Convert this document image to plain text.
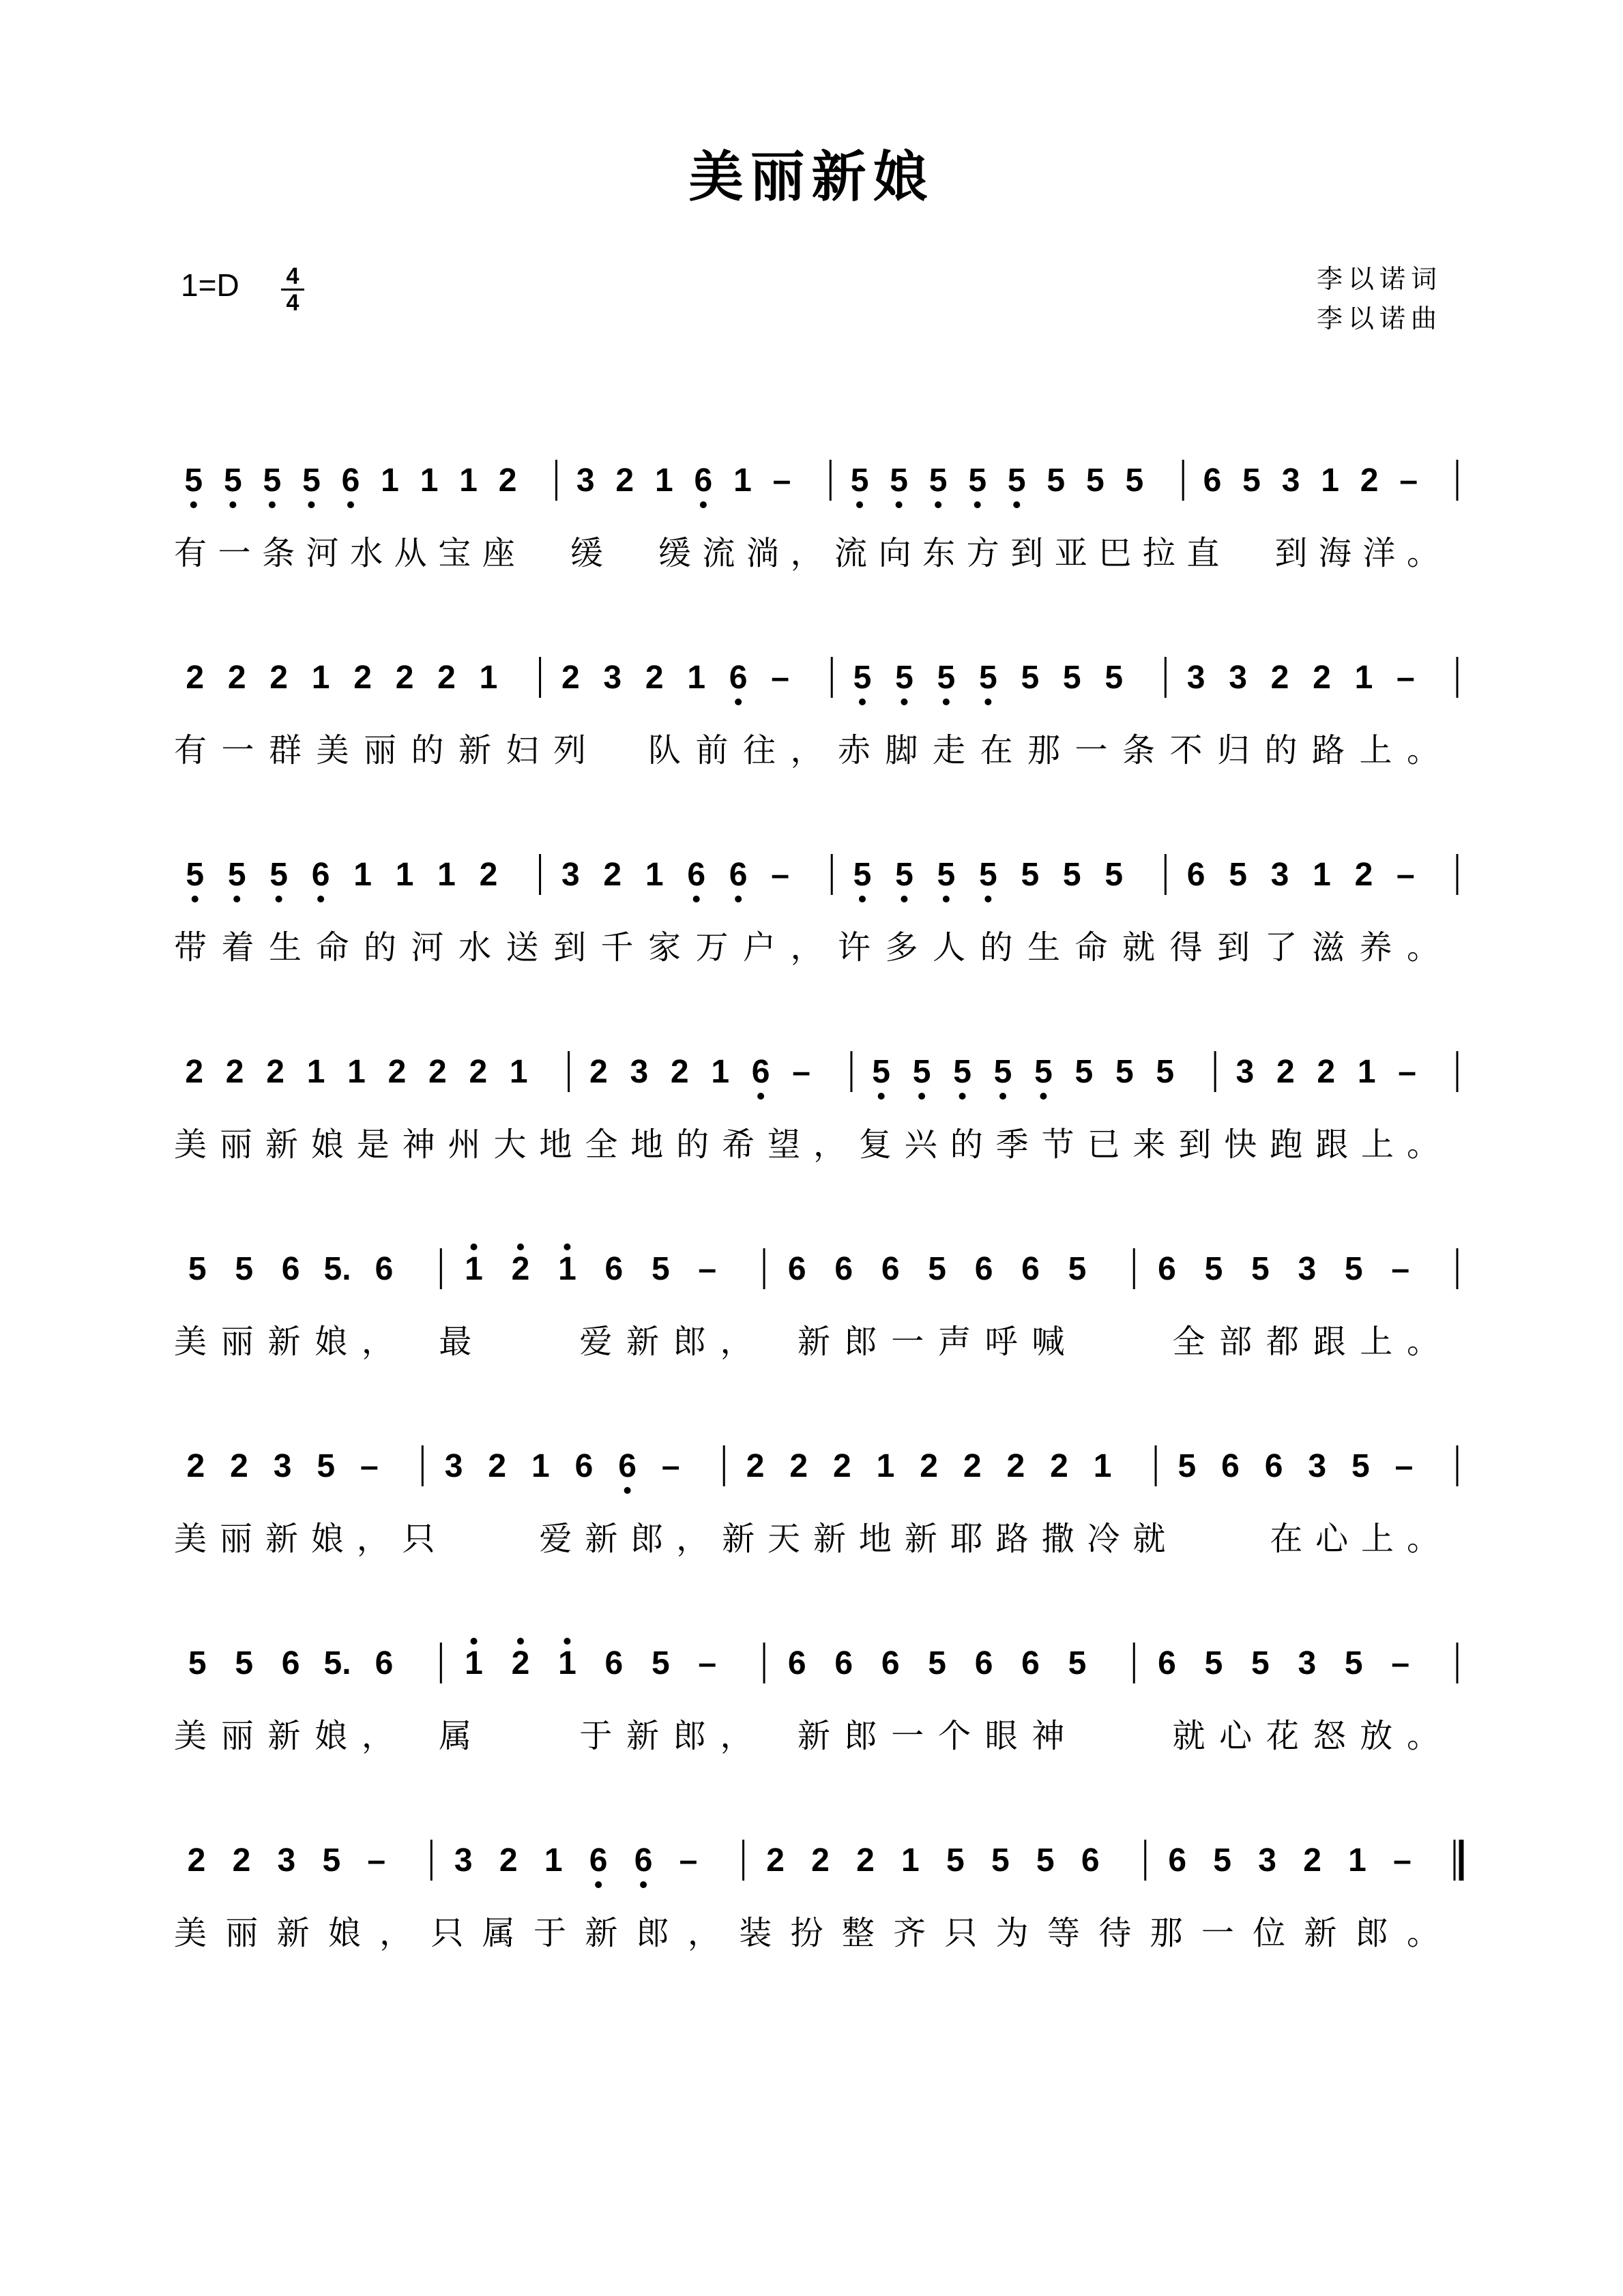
美丽新娘
1=D 4
4
李以诺词
李以诺曲
5 5 5 5 6 1 1 1 2 3 2 1 6 1 – 5 5 5 5 5 5 5 5 6 5 3 1 2 –
有一条河水从宝座　缓　缓流淌，流向东方到亚巴拉直　到海洋。
2 2 2 1 2 2 2 1 2 3 2 1 6 – 5 5 5 5 5 5 5 3 3 2 2 1 –
有一群美丽的新妇列　队前往，赤脚走在那一条不归的路上。
5 5 5 6 1 1 1 2 3 2 1 6 6 – 5 5 5 5 5 5 5 6 5 3 1 2 –
带着生命的河水送到千家万户，许多人的生命就得到了滋养。
2 2 2 1 1 2 2 2 1 2 3 2 1 6 – 5 5 5 5 5 5 5 5 3 2 2 1 –
美丽新娘是神州大地全地的希望，复兴的季节已来到快跑跟上。
5 5 6 5. 6 1 2 1 6 5 – 6 6 6 5 6 6 5 6 5 5 3 5 –
美丽新娘，　最　　爱新郎，　新郎一声呼喊　　全部都跟上。
2 2 3 5 – 3 2 1 6 6 – 2 2 2 1 2 2 2 2 1 5 6 6 3 5 –
美丽新娘，只　　爱新郎，新天新地新耶路撒冷就　　在心上。
5 5 6 5. 6 1 2 1 6 5 – 6 6 6 5 6 6 5 6 5 5 3 5 –
美丽新娘，　属　　于新郎，　新郎一个眼神　　就心花怒放。
2 2 3 5 – 3 2 1 6 6 – 2 2 2 1 5 5 5 6 6 5 3 2 1 –
美丽新娘，只属于新郎，装扮整齐只为等待那一位新郎。
